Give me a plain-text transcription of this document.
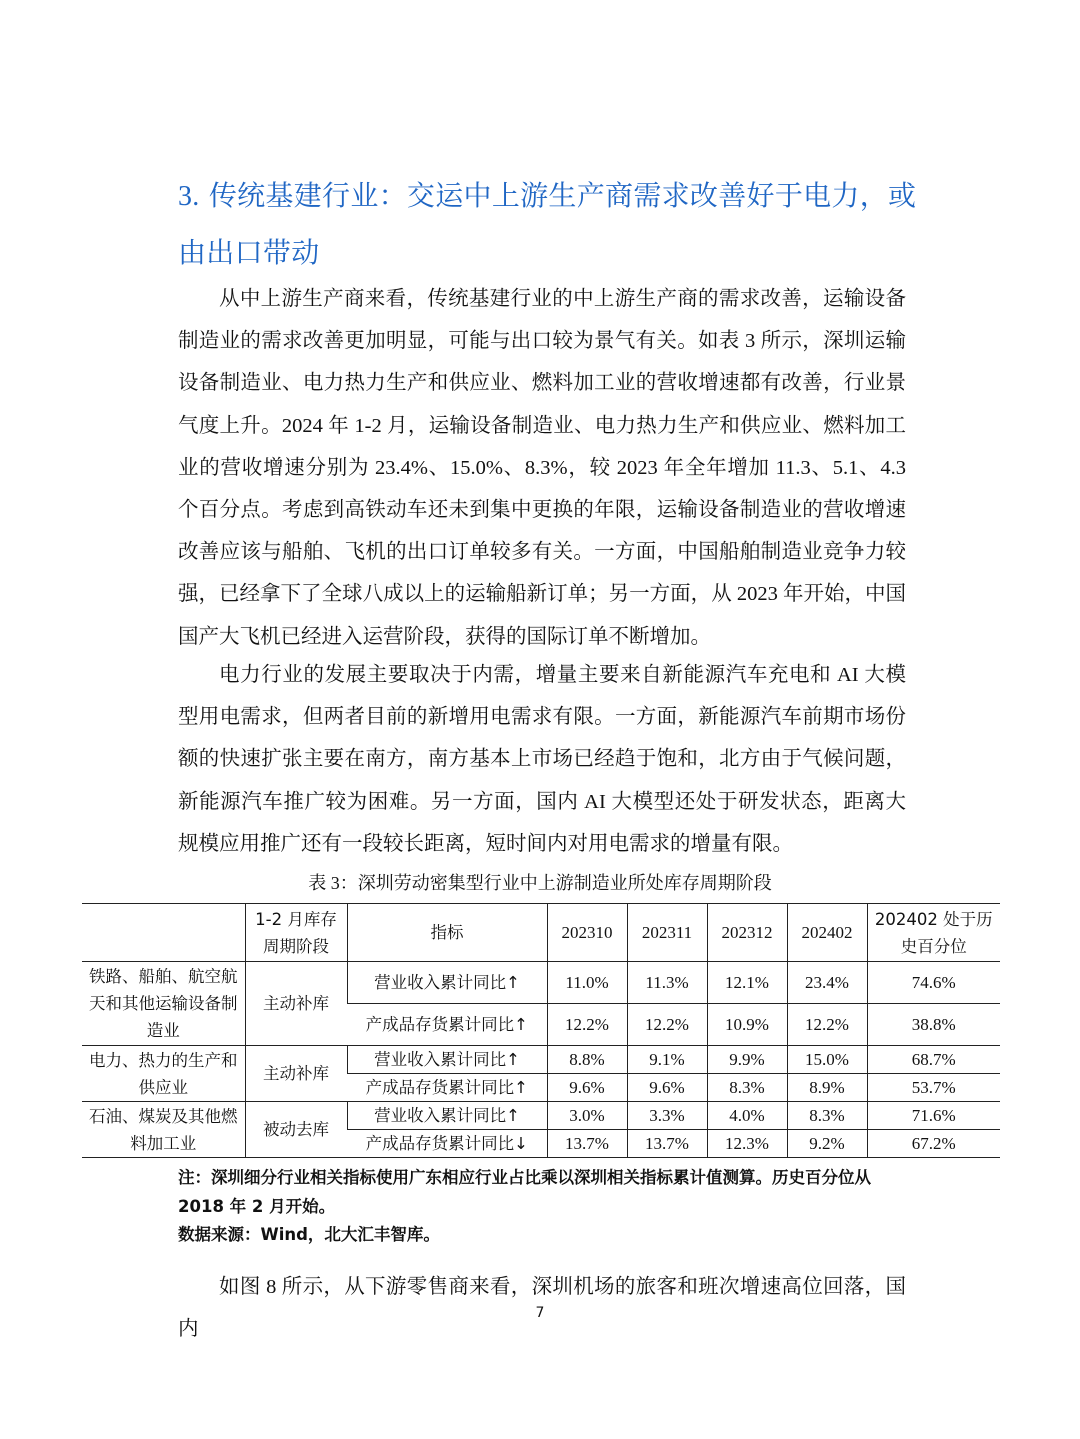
3. 传统基建行业：交运中上游生产商需求改善好于电力，或由出口带动

从中上游生产商来看，传统基建行业的中上游生产商的需求改善，运输设备制造业的需求改善更加明显，可能与出口较为景气有关。如表 3 所示，深圳运输设备制造业、电力热力生产和供应业、燃料加工业的营收增速都有改善，行业景气度上升。2024 年 1-2 月，运输设备制造业、电力热力生产和供应业、燃料加工业的营收增速分别为 23.4%、15.0%、8.3%，较 2023 年全年增加 11.3、5.1、4.3 个百分点。考虑到高铁动车还未到集中更换的年限，运输设备制造业的营收增速改善应该与船舶、飞机的出口订单较多有关。一方面，中国船舶制造业竞争力较强，已经拿下了全球八成以上的运输船新订单；另一方面，从 2023 年开始，中国国产大飞机已经进入运营阶段，获得的国际订单不断增加。

电力行业的发展主要取决于内需，增量主要来自新能源汽车充电和 AI 大模型用电需求，但两者目前的新增用电需求有限。一方面，新能源汽车前期市场份额的快速扩张主要在南方，南方基本上市场已经趋于饱和，北方由于气候问题，新能源汽车推广较为困难。另一方面，国内 AI 大模型还处于研发状态，距离大规模应用推广还有一段较长距离，短时间内对用电需求的增量有限。

表 3：深圳劳动密集型行业中上游制造业所处库存周期阶段
	1-2 月库存周期阶段	指标	202310	202311	202312	202402	202402 处于历史百分位
铁路、船舶、航空航天和其他运输设备制造业	主动补库	营业收入累计同比↑	11.0%	11.3%	12.1%	23.4%	74.6%
		产成品存货累计同比↑	12.2%	12.2%	10.9%	12.2%	38.8%
电力、热力的生产和供应业	主动补库	营业收入累计同比↑	8.8%	9.1%	9.9%	15.0%	68.7%
		产成品存货累计同比↑	9.6%	9.6%	8.3%	8.9%	53.7%
石油、煤炭及其他燃料加工业	被动去库	营业收入累计同比↑	3.0%	3.3%	4.0%	8.3%	71.6%
		产成品存货累计同比↓	13.7%	13.7%	12.3%	9.2%	67.2%

注：深圳细分行业相关指标使用广东相应行业占比乘以深圳相关指标累计值测算。历史百分位从 2018 年 2 月开始。

数据来源：Wind，北大汇丰智库。

如图 8 所示，从下游零售商来看，深圳机场的旅客和班次增速高位回落，国内

7
